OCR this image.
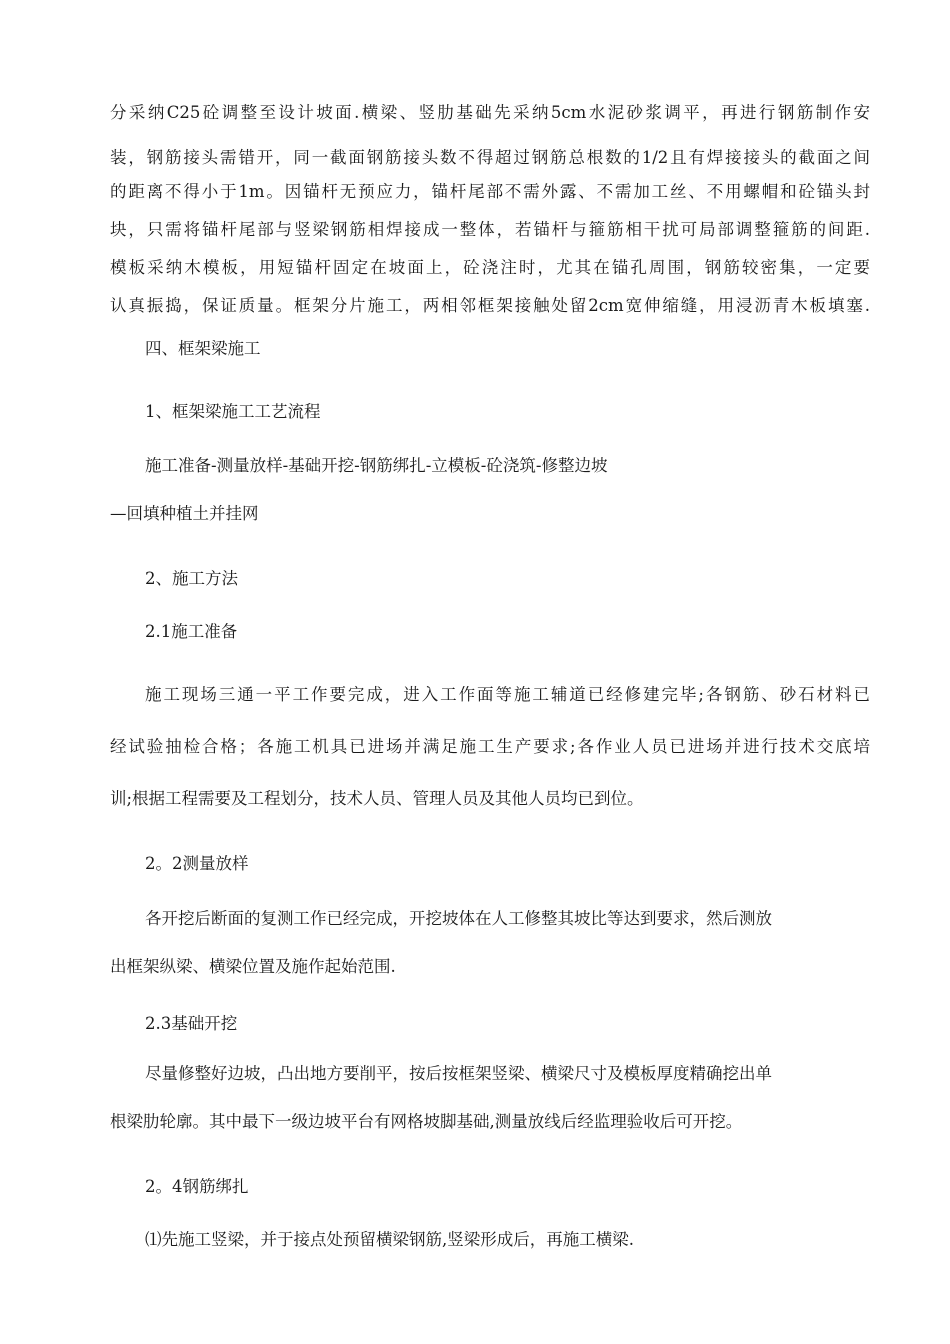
分采纳C25砼调整至设计坡面.横梁、竖肋基础先采纳5cm水泥砂浆调平，再进行钢筋制作安

装，钢筋接头需错开，同一截面钢筋接头数不得超过钢筋总根数的1/2且有焊接接头的截面之间

的距离不得小于1m。因锚杆无预应力，锚杆尾部不需外露、不需加工丝、不用螺帽和砼锚头封

块，只需将锚杆尾部与竖梁钢筋相焊接成一整体，若锚杆与箍筋相干扰可局部调整箍筋的间距.

模板采纳木模板，用短锚杆固定在坡面上，砼浇注时，尤其在锚孔周围，钢筋较密集，一定要

认真振捣，保证质量。框架分片施工，两相邻框架接触处留2cm宽伸缩缝，用浸沥青木板填塞.

四、框架梁施工

1、框架梁施工工艺流程

施工准备-测量放样-基础开挖-钢筋绑扎-立模板-砼浇筑-修整边坡

—回填种植土并挂网

2、施工方法

2.1施工准备

施工现场三通一平工作要完成，进入工作面等施工辅道已经修建完毕;各钢筋、砂石材料已

经试验抽检合格；各施工机具已进场并满足施工生产要求;各作业人员已进场并进行技术交底培

训;根据工程需要及工程划分，技术人员、管理人员及其他人员均已到位。

2。2测量放样

各开挖后断面的复测工作已经完成，开挖坡体在人工修整其坡比等达到要求，然后测放

出框架纵梁、横梁位置及施作起始范围.

2.3基础开挖

尽量修整好边坡，凸出地方要削平，按后按框架竖梁、横梁尺寸及模板厚度精确挖出单

根梁肋轮廓。其中最下一级边坡平台有网格坡脚基础,测量放线后经监理验收后可开挖。

2。4钢筋绑扎

⑴先施工竖梁，并于接点处预留横梁钢筋,竖梁形成后，再施工横梁.
